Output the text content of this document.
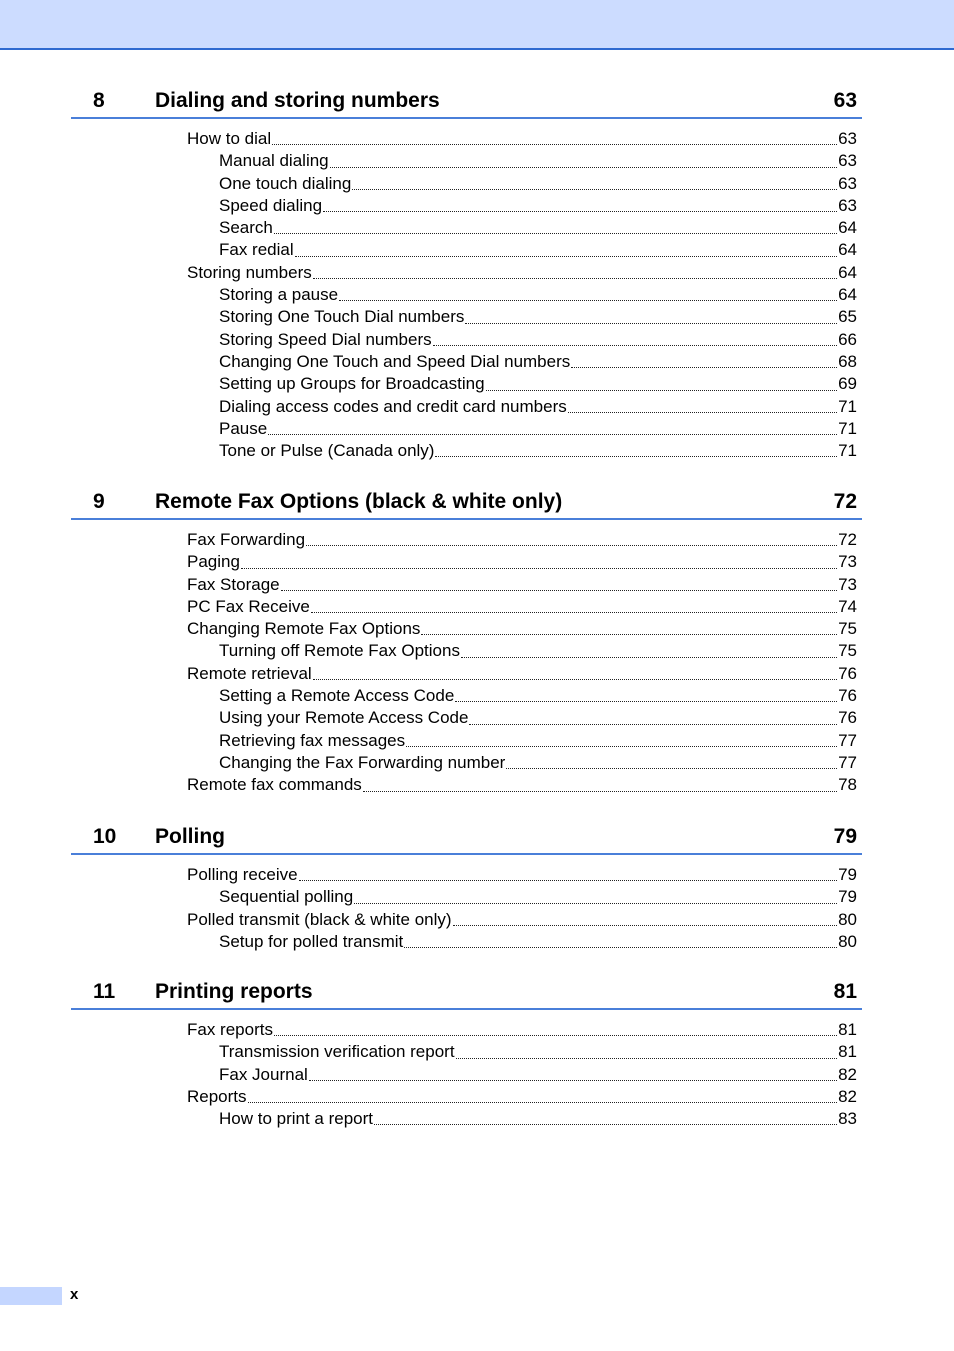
8 Dialing and storing numbers	63
How to dial	63
Manual dialing	63
One touch dialing	63
Speed dialing	63
Search	64
Fax redial	64
Storing numbers	64
Storing a pause	64
Storing One Touch Dial numbers	65
Storing Speed Dial numbers	66
Changing One Touch and Speed Dial numbers	68
Setting up Groups for Broadcasting	69
Dialing access codes and credit card numbers	71
Pause	71
Tone or Pulse (Canada only)	71
9 Remote Fax Options (black & white only)	72
Fax Forwarding	72
Paging	73
Fax Storage	73
PC Fax Receive	74
Changing Remote Fax Options	75
Turning off Remote Fax Options	75
Remote retrieval	76
Setting a Remote Access Code	76
Using your Remote Access Code	76
Retrieving fax messages	77
Changing the Fax Forwarding number	77
Remote fax commands	78
10 Polling	79
Polling receive	79
Sequential polling	79
Polled transmit (black & white only)	80
Setup for polled transmit	80
11 Printing reports	81
Fax reports	81
Transmission verification report	81
Fax Journal	82
Reports	82
How to print a report	83
x
